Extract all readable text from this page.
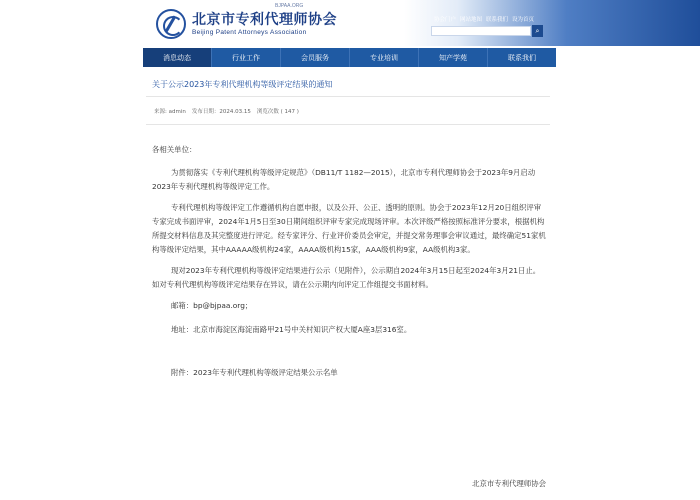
北京市专利代理师协会
Beijing Patent Attorneys Association
BJPAA.ORG
协会门户 网站地图 联系我们 设为首页
⌕
消息动态	行业工作	会员服务	专业培训	知产学苑	联系我们
关于公示2023年专利代理机构等级评定结果的通知
来源: admin 发布日期：2024.03.15 浏览次数 ( 147 )
各相关单位：
为贯彻落实《专利代理机构等级评定规范》（DB11/T 1182—2015），北京市专利代理师协会于2023年9月启动2023年专利代理机构等级评定工作。
专利代理机构等级评定工作遵循机构自愿申报，以及公开、公正、透明的原则。协会于2023年12月20日组织评审专家完成书面评审，2024年1月5日至30日期间组织评审专家完成现场评审。本次评级严格按照标准评分要求，根据机构所提交材料信息及其完整度进行评定。经专家评分、行业评价委员会审定，并提交常务理事会审议通过，最终确定51家机构等级评定结果，其中AAAAA级机构24家，AAAA级机构15家，AAA级机构9家，AA级机构3家。
现对2023年专利代理机构等级评定结果进行公示（见附件），公示期自2024年3月15日起至2024年3月21日止。如对专利代理机构等级评定结果存在异议，请在公示期内向评定工作组提交书面材料。
邮箱：bp@bjpaa.org；
地址：北京市海淀区海淀南路甲21号中关村知识产权大厦A座3层316室。
附件：2023年专利代理机构等级评定结果公示名单
北京市专利代理师协会
